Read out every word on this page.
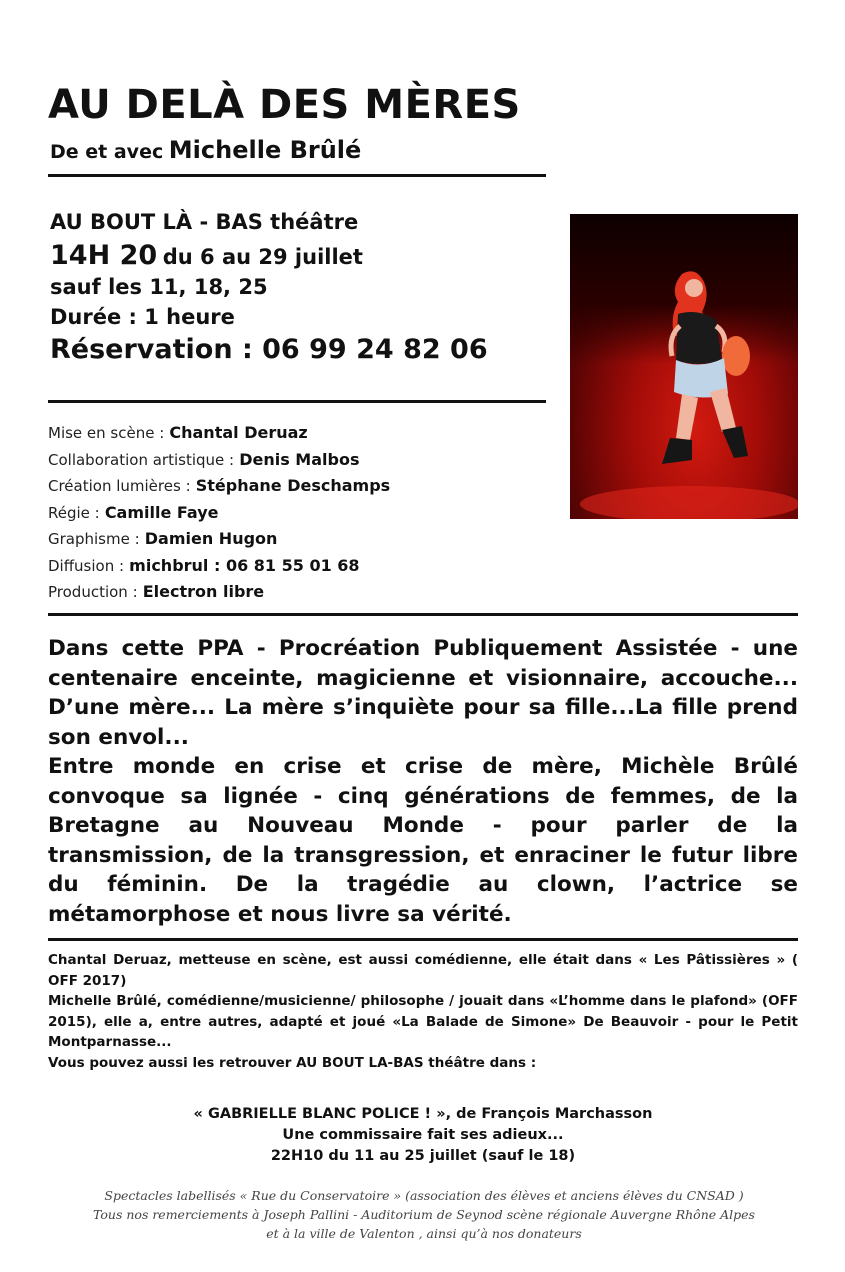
AU DELÀ DES MÈRES
De et avec Michelle Brûlé
AU BOUT LÀ - BAS théâtre
14H 20 du 6 au 29 juillet
sauf les 11, 18, 25
Durée : 1 heure
Réservation : 06 99 24 82 06
Mise en scène : Chantal Deruaz
Collaboration artistique : Denis Malbos
Création lumières : Stéphane Deschamps
Régie : Camille Faye
Graphisme : Damien Hugon
Diffusion : michbrul : 06 81 55 01 68
Production : Electron libre

Dans cette PPA - Procréation Publiquement Assistée - une centenaire enceinte, magicienne et visionnaire, accouche... D’une mère... La mère s’inquiète pour sa fille...La fille prend son envol...

Entre monde en crise et crise de mère, Michèle Brûlé convoque sa lignée - cinq générations de femmes, de la Bretagne au Nouveau Monde - pour parler de la transmission, de la transgression, et enraciner le futur libre du féminin. De la tragédie au clown, l’actrice se métamorphose et nous livre sa vérité.

Chantal Deruaz, metteuse en scène, est aussi comédienne, elle était dans « Les Pâtissières » ( OFF 2017)

Michelle Brûlé, comédienne/musicienne/ philosophe / jouait dans «L’homme dans le plafond» (OFF 2015), elle a, entre autres, adapté et joué «La Balade de Simone» De Beauvoir - pour le Petit Montparnasse...

Vous pouvez aussi les retrouver AU BOUT LA-BAS théâtre dans :

« GABRIELLE BLANC POLICE ! », de François Marchasson
Une commissaire fait ses adieux...
22H10 du 11 au 25 juillet (sauf le 18)
Spectacles labellisés « Rue du Conservatoire » (association des élèves et anciens élèves du CNSAD )
Tous nos remerciements à Joseph Pallini - Auditorium de Seynod scène régionale Auvergne Rhône Alpes
et à la ville de Valenton , ainsi qu’à nos donateurs
